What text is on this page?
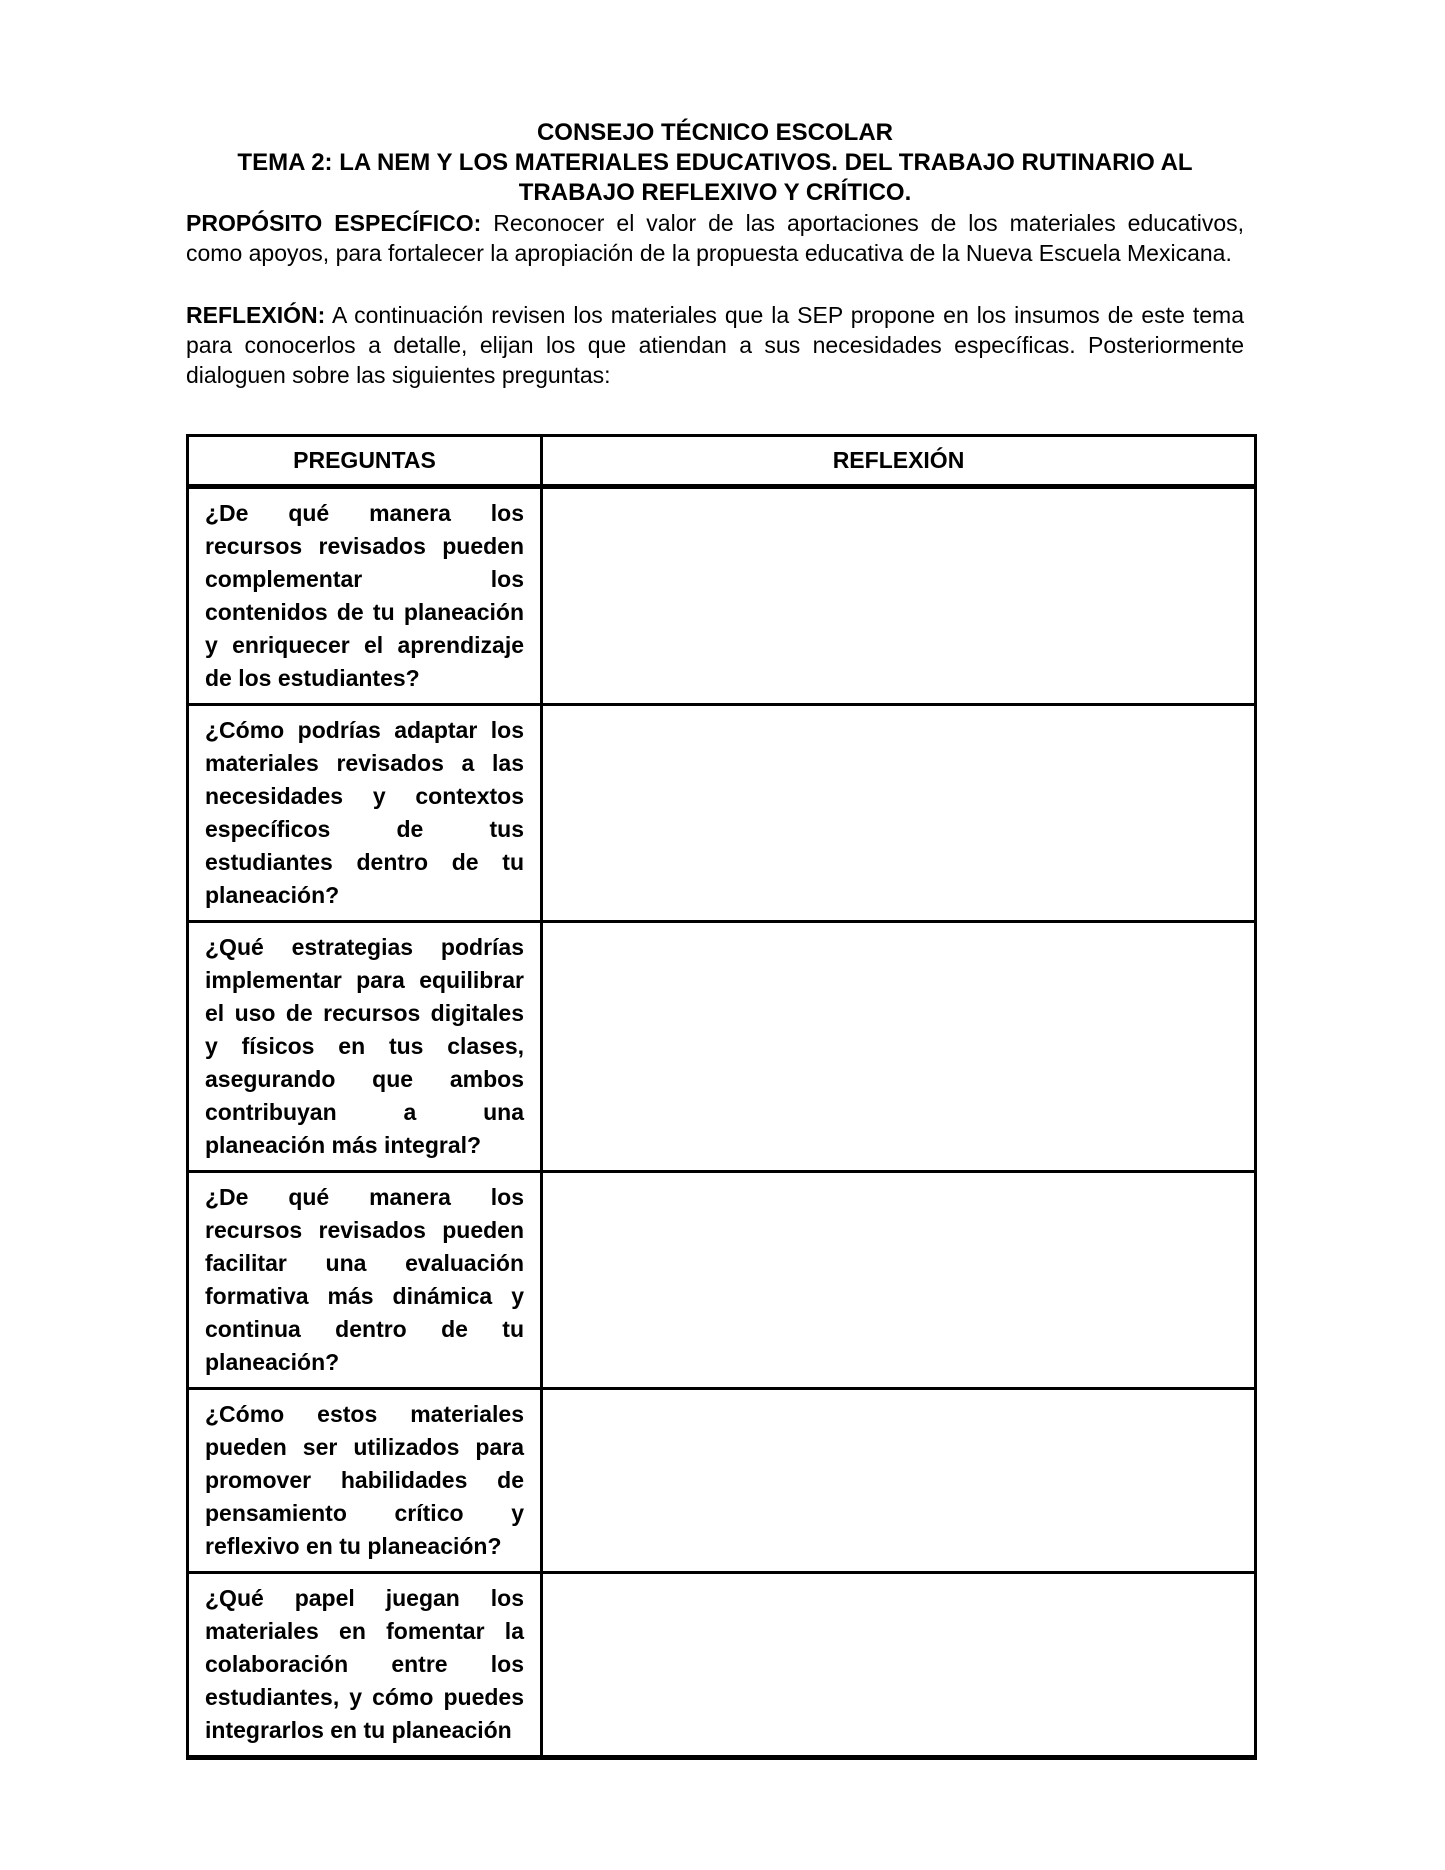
CONSEJO TÉCNICO ESCOLAR
TEMA 2: LA NEM Y LOS MATERIALES EDUCATIVOS. DEL TRABAJO RUTINARIO AL TRABAJO REFLEXIVO Y CRÍTICO.

PROPÓSITO ESPECÍFICO: Reconocer el valor de las aportaciones de los materiales educativos, como apoyos, para fortalecer la apropiación de la propuesta educativa de la Nueva Escuela Mexicana.

REFLEXIÓN: A continuación revisen los materiales que la SEP propone en los insumos de este tema para conocerlos a detalle, elijan los que atiendan a sus necesidades específicas. Posteriormente dialoguen sobre las siguientes preguntas:

PREGUNTAS	REFLEXIÓN
¿De qué manera los recursos revisados pueden complementar los contenidos de tu planeación y enriquecer el aprendizaje de los estudiantes?	
¿Cómo podrías adaptar los materiales revisados a las necesidades y contextos específicos de tus estudiantes dentro de tu planeación?	
¿Qué estrategias podrías implementar para equilibrar el uso de recursos digitales y físicos en tus clases, asegurando que ambos contribuyan a una planeación más integral?	
¿De qué manera los recursos revisados pueden facilitar una evaluación formativa más dinámica y continua dentro de tu planeación?	
¿Cómo estos materiales pueden ser utilizados para promover habilidades de pensamiento crítico y reflexivo en tu planeación?	
¿Qué papel juegan los materiales en fomentar la colaboración entre los estudiantes, y cómo puedes integrarlos en tu planeación	
